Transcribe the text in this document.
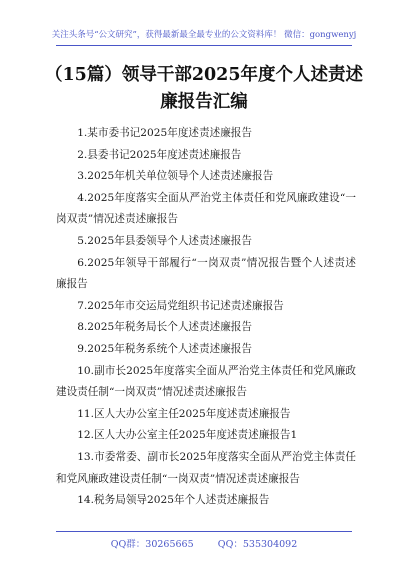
关注头条号“公文研究”，获得最新最全最专业的公文资料库！ 微信：gongwenyj
（15篇）领导干部2025年度个人述责述廉报告汇编
1.某市委书记2025年度述责述廉报告
2.县委书记2025年度述责述廉报告
3.2025年机关单位领导个人述责述廉报告
4.2025年度落实全面从严治党主体责任和党风廉政建设“一岗双责”情况述责述廉报告
5.2025年县委领导个人述责述廉报告
6.2025年领导干部履行“一岗双责”情况报告暨个人述责述廉报告
7.2025年市交运局党组织书记述责述廉报告
8.2025年税务局长个人述责述廉报告
9.2025年税务系统个人述责述廉报告
10.副市长2025年度落实全面从严治党主体责任和党风廉政建设责任制“一岗双责”情况述责述廉报告
11.区人大办公室主任2025年度述责述廉报告
12.区人大办公室主任2025年度述责述廉报告1
13.市委常委、副市长2025年度落实全面从严治党主体责任和党风廉政建设责任制“一岗双责”情况述责述廉报告
14.税务局领导2025年个人述责述廉报告
QQ群：30265665        QQ：535304092
